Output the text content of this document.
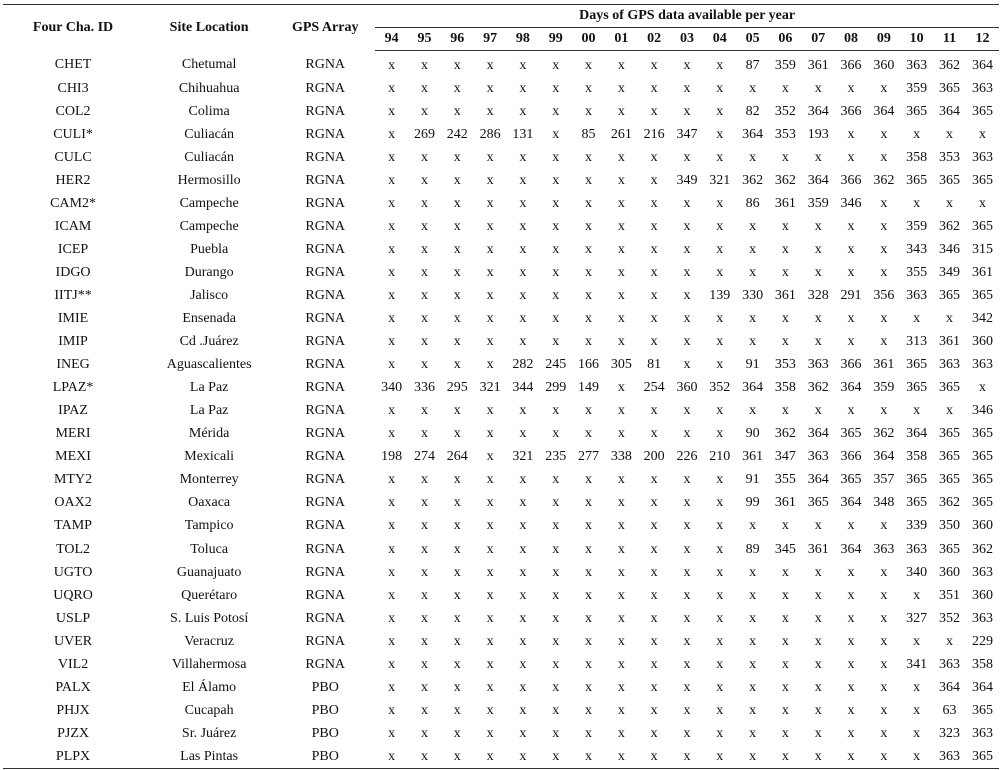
Four Cha. ID	Site Location	GPS Array	Days of GPS data available per year																		
			94	95	96	97	98	99	00	01	02	03	04	05	06	07	08	09	10	11	12
CHET	Chetumal	RGNA	x	x	x	x	x	x	x	x	x	x	x	87	359	361	366	360	363	362	364
CHI3	Chihuahua	RGNA	x	x	x	x	x	x	x	x	x	x	x	x	x	x	x	x	359	365	363
COL2	Colima	RGNA	x	x	x	x	x	x	x	x	x	x	x	82	352	364	366	364	365	364	365
CULI*	Culiacán	RGNA	x	269	242	286	131	x	85	261	216	347	x	364	353	193	x	x	x	x	x
CULC	Culiacán	RGNA	x	x	x	x	x	x	x	x	x	x	x	x	x	x	x	x	358	353	363
HER2	Hermosillo	RGNA	x	x	x	x	x	x	x	x	x	349	321	362	362	364	366	362	365	365	365
CAM2*	Campeche	RGNA	x	x	x	x	x	x	x	x	x	x	x	86	361	359	346	x	x	x	x
ICAM	Campeche	RGNA	x	x	x	x	x	x	x	x	x	x	x	x	x	x	x	x	359	362	365
ICEP	Puebla	RGNA	x	x	x	x	x	x	x	x	x	x	x	x	x	x	x	x	343	346	315
IDGO	Durango	RGNA	x	x	x	x	x	x	x	x	x	x	x	x	x	x	x	x	355	349	361
IITJ**	Jalisco	RGNA	x	x	x	x	x	x	x	x	x	x	139	330	361	328	291	356	363	365	365
IMIE	Ensenada	RGNA	x	x	x	x	x	x	x	x	x	x	x	x	x	x	x	x	x	x	342
IMIP	Cd .Juárez	RGNA	x	x	x	x	x	x	x	x	x	x	x	x	x	x	x	x	313	361	360
INEG	Aguascalientes	RGNA	x	x	x	x	282	245	166	305	81	x	x	91	353	363	366	361	365	363	363
LPAZ*	La Paz	RGNA	340	336	295	321	344	299	149	x	254	360	352	364	358	362	364	359	365	365	x
IPAZ	La Paz	RGNA	x	x	x	x	x	x	x	x	x	x	x	x	x	x	x	x	x	x	346
MERI	Mérida	RGNA	x	x	x	x	x	x	x	x	x	x	x	90	362	364	365	362	364	365	365
MEXI	Mexicali	RGNA	198	274	264	x	321	235	277	338	200	226	210	361	347	363	366	364	358	365	365
MTY2	Monterrey	RGNA	x	x	x	x	x	x	x	x	x	x	x	91	355	364	365	357	365	365	365
OAX2	Oaxaca	RGNA	x	x	x	x	x	x	x	x	x	x	x	99	361	365	364	348	365	362	365
TAMP	Tampico	RGNA	x	x	x	x	x	x	x	x	x	x	x	x	x	x	x	x	339	350	360
TOL2	Toluca	RGNA	x	x	x	x	x	x	x	x	x	x	x	89	345	361	364	363	363	365	362
UGTO	Guanajuato	RGNA	x	x	x	x	x	x	x	x	x	x	x	x	x	x	x	x	340	360	363
UQRO	Querétaro	RGNA	x	x	x	x	x	x	x	x	x	x	x	x	x	x	x	x	x	351	360
USLP	S. Luis Potosí	RGNA	x	x	x	x	x	x	x	x	x	x	x	x	x	x	x	x	327	352	363
UVER	Veracruz	RGNA	x	x	x	x	x	x	x	x	x	x	x	x	x	x	x	x	x	x	229
VIL2	Villahermosa	RGNA	x	x	x	x	x	x	x	x	x	x	x	x	x	x	x	x	341	363	358
PALX	El Álamo	PBO	x	x	x	x	x	x	x	x	x	x	x	x	x	x	x	x	x	364	364
PHJX	Cucapah	PBO	x	x	x	x	x	x	x	x	x	x	x	x	x	x	x	x	x	63	365
PJZX	Sr. Juárez	PBO	x	x	x	x	x	x	x	x	x	x	x	x	x	x	x	x	x	323	363
PLPX	Las Pintas	PBO	x	x	x	x	x	x	x	x	x	x	x	x	x	x	x	x	x	363	365
